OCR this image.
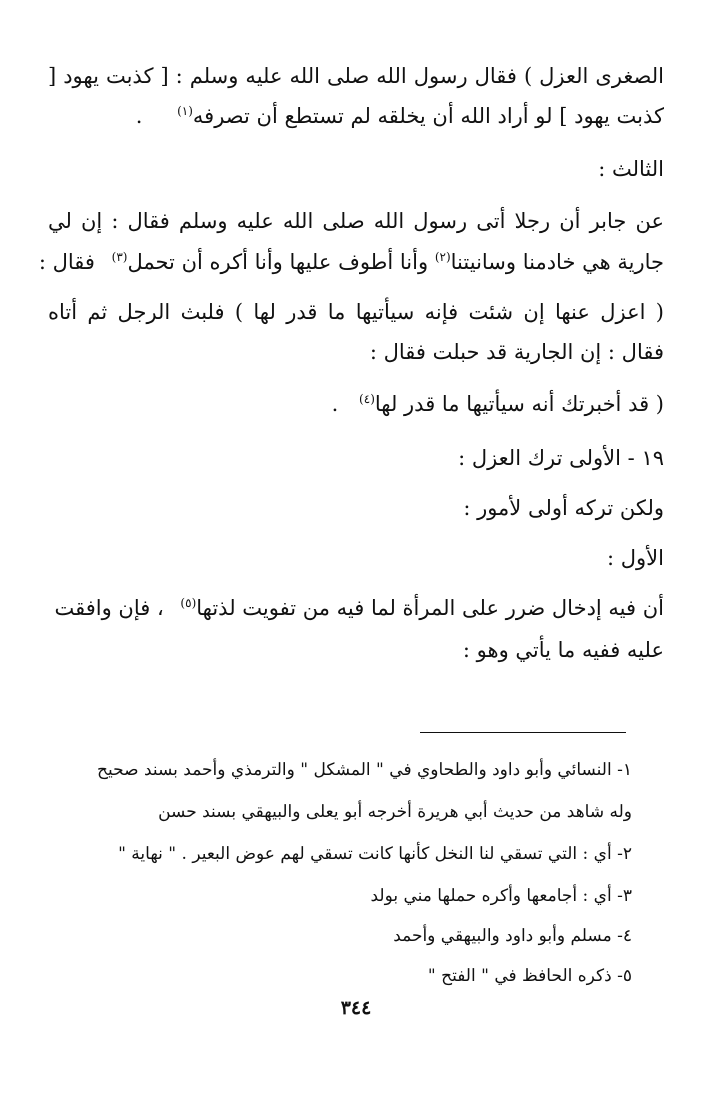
الصغرى العزل ) فقال رسول الله صلى الله عليه وسلم : [ كذبت يهود [
كذبت يهود ] لو أراد الله أن يخلقه لم تستطع أن تصرفه$^{(١)}$ .
الثالث :
عن جابر أن رجلا أتى رسول الله صلى الله عليه وسلم فقال : إن لي
جارية هي خادمنا وسانيتنا$^{(٢)}$ وأنا أطوف عليها وأنا أكره أن تحمل$^{(٣)}$ فقال :
( اعزل عنها إن شئت فإنه سيأتيها ما قدر لها ) فلبث الرجل ثم أتاه
فقال : إن الجارية قد حبلت فقال :
( قد أخبرتك أنه سيأتيها ما قدر لها$^{(٤)}$ .
١٩ - الأولى ترك العزل :
ولكن تركه أولى لأمور :
الأول :
أن فيه إدخال ضرر على المرأة لما فيه من تفويت لذتها$^{(٥)}$ ، فإن وافقت
عليه ففيه ما يأتي وهو :
١- النسائي وأبو داود والطحاوي في " المشكل " والترمذي وأحمد بسند صحيح
وله شاهد من حديث أبي هريرة أخرجه أبو يعلى والبيهقي بسند حسن
٢- أي : التي تسقي لنا النخل كأنها كانت تسقي لهم عوض البعير . " نهاية "
٣- أي : أجامعها وأكره حملها مني بولد
٤- مسلم وأبو داود والبيهقي وأحمد
٥- ذكره الحافظ في " الفتح "
٣٤٤
